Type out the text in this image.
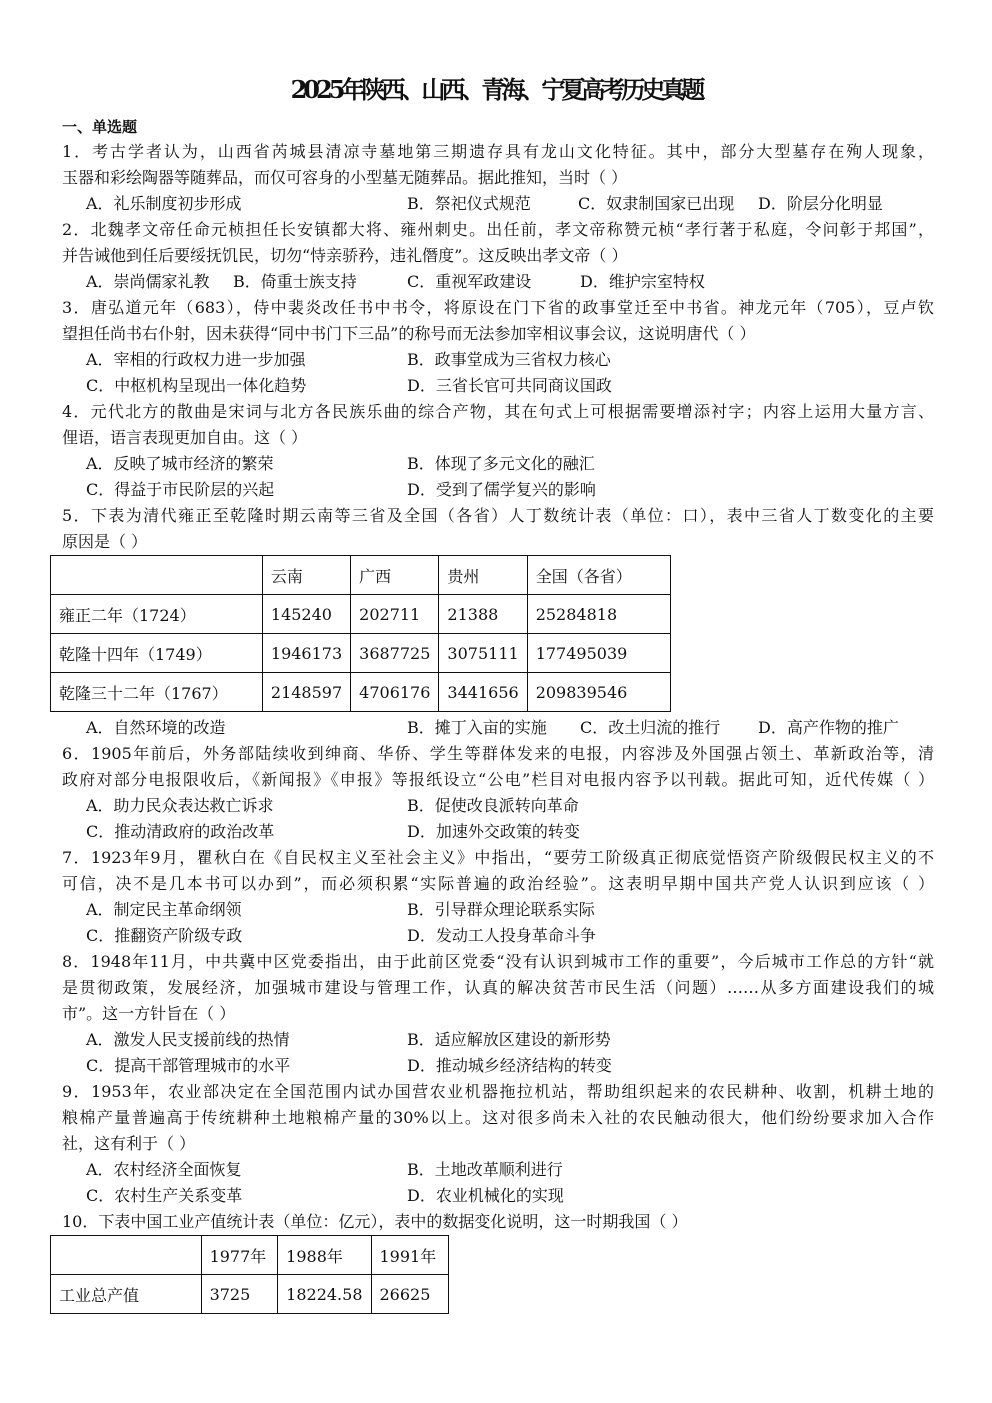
2025年陕西、山西、青海、宁夏高考历史真题
一、单选题
1．考古学者认为，山西省芮城县清凉寺墓地第三期遗存具有龙山文化特征。其中，部分大型墓存在殉人现象，
玉器和彩绘陶器等随葬品，而仅可容身的小型墓无随葬品。据此推知，当时（ ）
A．礼乐制度初步形成	B．祭祀仪式规范	C．奴隶制国家已出现 D．阶层分化明显
2．北魏孝文帝任命元桢担任长安镇都大将、雍州刺史。出任前，孝文帝称赞元桢“孝行著于私庭，令问彰于邦国”，
并告诫他到任后要绥抚饥民，切勿“恃亲骄矜，违礼僭度”。这反映出孝文帝（ ）
A．崇尚儒家礼教 B．倚重士族支持	C．重视军政建设	D．维护宗室特权
3．唐弘道元年（683），侍中裴炎改任书中书令，将原设在门下省的政事堂迁至中书省。神龙元年（705），豆卢钦
望担任尚书右仆射，因未获得“同中书门下三品”的称号而无法参加宰相议事会议，这说明唐代（ ）
A．宰相的行政权力进一步加强	B．政事堂成为三省权力核心
C．中枢机构呈现出一体化趋势	D．三省长官可共同商议国政
4．元代北方的散曲是宋词与北方各民族乐曲的综合产物，其在句式上可根据需要增添衬字；内容上运用大量方言、
俚语，语言表现更加自由。这（ ）
A．反映了城市经济的繁荣	B．体现了多元文化的融汇
C．得益于市民阶层的兴起	D．受到了儒学复兴的影响
5．下表为清代雍正至乾隆时期云南等三省及全国（各省）人丁数统计表（单位：口），表中三省人丁数变化的主要
原因是（ ）
	云南	广西	贵州	全国（各省）
雍正二年（1724）	145240	202711	21388	25284818
乾隆十四年（1749）	1946173	3687725	3075111	177495039
乾隆三十二年（1767）	2148597	4706176	3441656	209839546
A．自然环境的改造	B．摊丁入亩的实施 C．改土归流的推行 D．高产作物的推广
6．1905年前后，外务部陆续收到绅商、华侨、学生等群体发来的电报，内容涉及外国强占领土、革新政治等，清
政府对部分电报限收后，《新闻报》《申报》等报纸设立“公电”栏目对电报内容予以刊载。据此可知，近代传媒（ ）
A．助力民众表达救亡诉求	B．促使改良派转向革命
C．推动清政府的政治改革	D．加速外交政策的转变
7．1923年9月，瞿秋白在《自民权主义至社会主义》中指出，“要劳工阶级真正彻底觉悟资产阶级假民权主义的不
可信，决不是几本书可以办到”，而必须积累“实际普遍的政治经验”。这表明早期中国共产党人认识到应该（ ）
A．制定民主革命纲领	B．引导群众理论联系实际
C．推翻资产阶级专政	D．发动工人投身革命斗争
8．1948年11月，中共冀中区党委指出，由于此前区党委“没有认识到城市工作的重要”，今后城市工作总的方针“就
是贯彻政策，发展经济，加强城市建设与管理工作，认真的解决贫苦市民生活（问题）……从多方面建设我们的城
市”。这一方针旨在（ ）
A．激发人民支援前线的热情	B．适应解放区建设的新形势
C．提高干部管理城市的水平	D．推动城乡经济结构的转变
9．1953年，农业部决定在全国范围内试办国营农业机器拖拉机站，帮助组织起来的农民耕种、收割，机耕土地的
粮棉产量普遍高于传统耕种土地粮棉产量的30%以上。这对很多尚未入社的农民触动很大，他们纷纷要求加入合作
社，这有利于（ ）
A．农村经济全面恢复	B．土地改革顺利进行
C．农村生产关系变革	D．农业机械化的实现
10．下表中国工业产值统计表（单位：亿元），表中的数据变化说明，这一时期我国（ ）
	1977年	1988年	1991年
工业总产值	3725	18224.58	26625
